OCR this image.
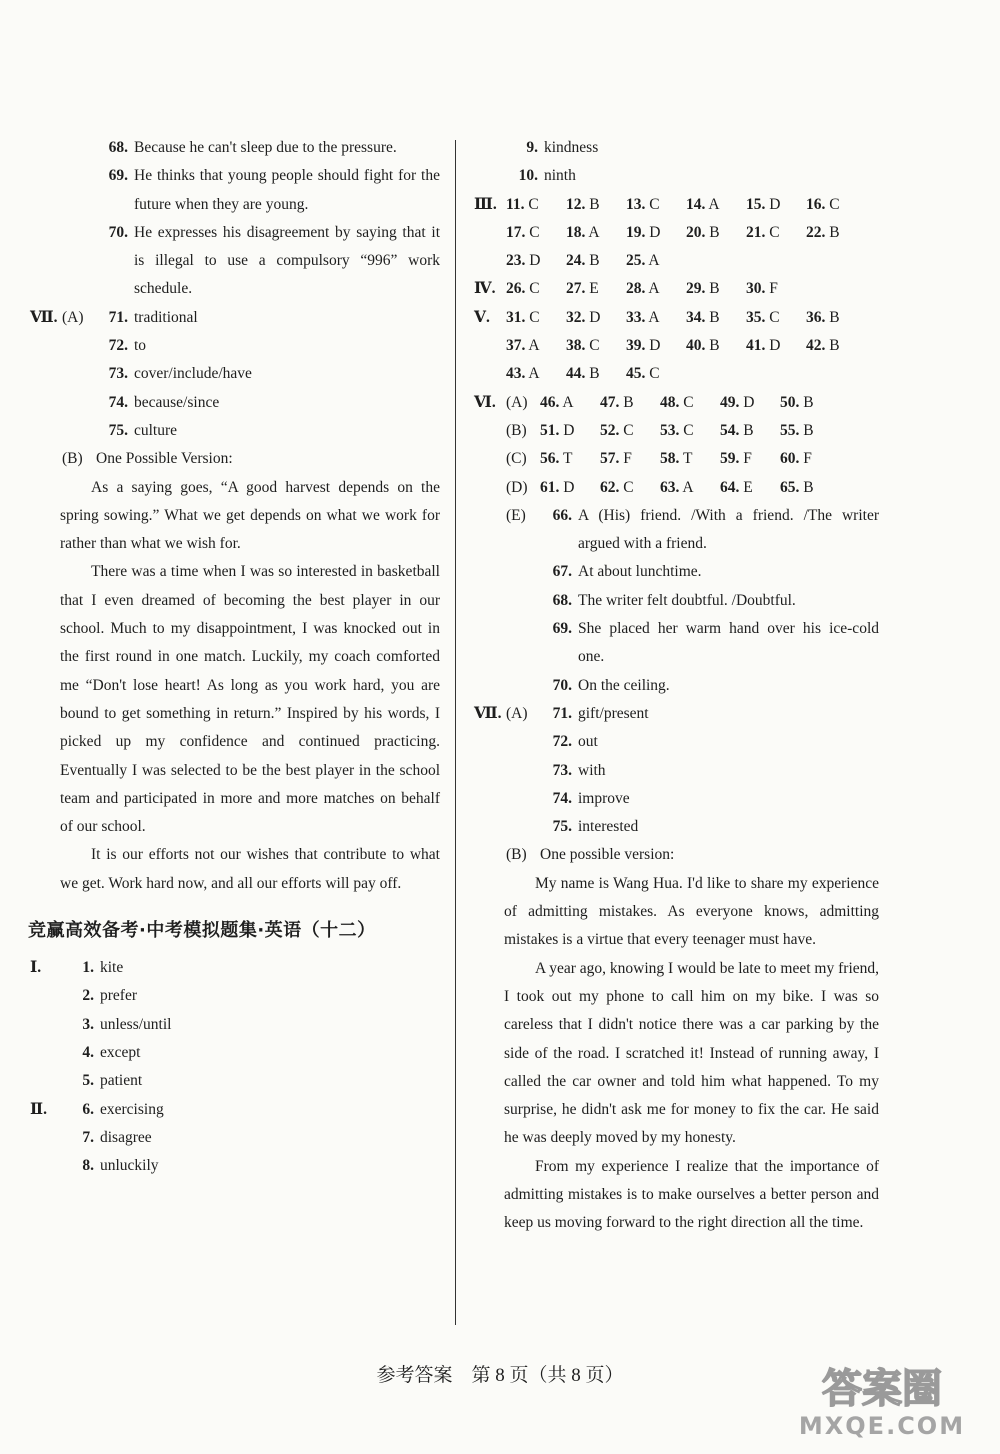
68. Because he can't sleep due to the pressure.
69. He thinks that young people should fight for the future when they are young.
70. He expresses his disagreement by saying that it is illegal to use a compulsory “996” work schedule.
Ⅶ. (A)	71. traditional
72. to
73. cover/include/have
74. because/since
75. culture
(B) One Possible Version:
As a saying goes, “A good harvest depends on the spring sowing.” What we get depends on what we work for rather than what we wish for.
There was a time when I was so interested in basketball that I even dreamed of becoming the best player in our school. Much to my disappointment, I was knocked out in the first round in one match. Luckily, my coach comforted me “Don't lose heart! As long as you work hard, you are bound to get something in return.” Inspired by his words, I picked up my confidence and continued practicing. Eventually I was selected to be the best player in the school team and participated in more and more matches on behalf of our school.
It is our efforts not our wishes that contribute to what we get. Work hard now, and all our efforts will pay off.
竞赢高效备考·中考模拟题集·英语（十二）
Ⅰ.	1. kite
2. prefer
3. unless/until
4. except
5. patient
Ⅱ.	6. exercising
7. disagree
8. unluckily
9. kindness
10. ninth
Ⅲ. 11. C	12. B	13. C	14. A	15. D	16. C
17. C	18. A	19. D	20. B	21. C	22. B
23. D	24. B	25. A
Ⅳ. 26. C	27. E	28. A	29. B	30. F
Ⅴ.	31. C	32. D	33. A	34. B	35. C	36. B
37. A	38. C	39. D	40. B	41. D	42. B
43. A	44. B	45. C
Ⅵ. (A) 46. A	47. B	48. C	49. D	50. B
(B) 51. D	52. C	53. C	54. B	55. B
(C) 56. T	57. F	58. T	59. F	60. F
(D) 61. D	62. C	63. A	64. E	65. B
(E)	66. A (His) friend. /With a friend. /The writer argued with a friend.
67. At about lunchtime.
68. The writer felt doubtful. /Doubtful.
69. She placed her warm hand over his ice-cold one.
70. On the ceiling.
Ⅶ. (A)	71. gift/present
72. out
73. with
74. improve
75. interested
(B) One possible version:
My name is Wang Hua. I'd like to share my experience of admitting mistakes. As everyone knows, admitting mistakes is a virtue that every teenager must have.
A year ago, knowing I would be late to meet my friend, I took out my phone to call him on my bike. I was so careless that I didn't notice there was a car parking by the side of the road. I scratched it! Instead of running away, I called the car owner and told him what happened. To my surprise, he didn't ask me for money to fix the car. He said he was deeply moved by my honesty.
From my experience I realize that the importance of admitting mistakes is to make ourselves a better person and keep us moving forward to the right direction all the time.
参考答案　第 8 页（共 8 页）	答案圈
MXQE.COM
